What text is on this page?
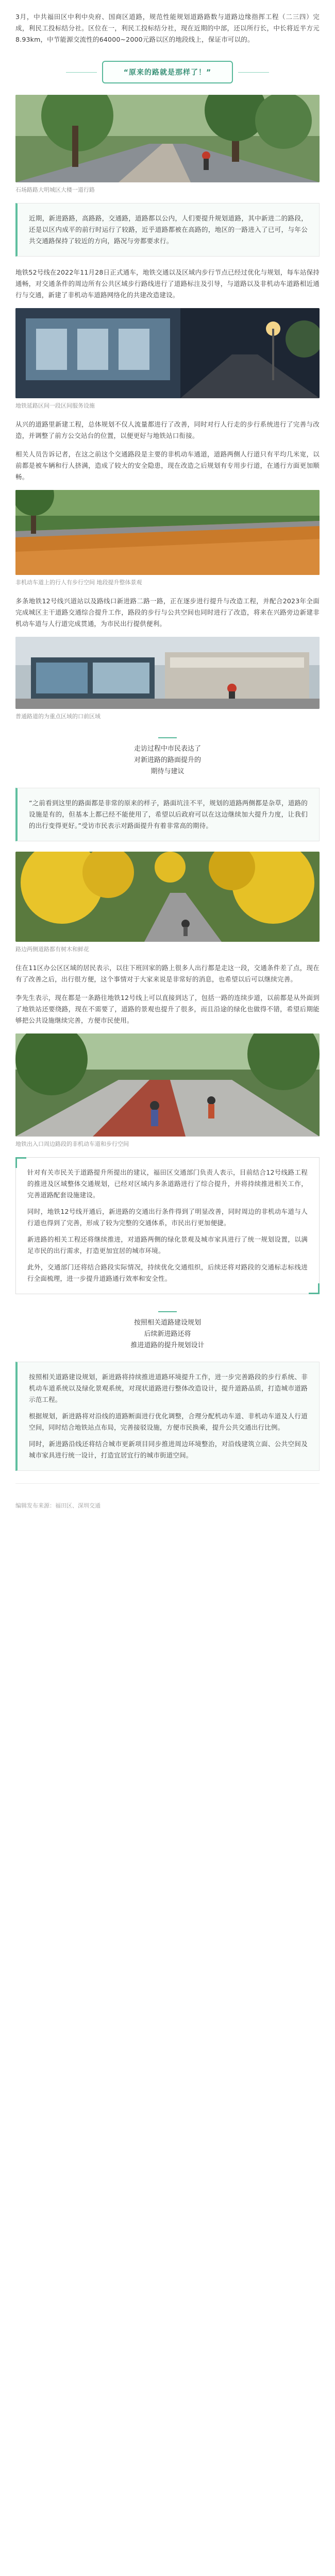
3月，中共福田区中利中央府、国商区道路，规范性能规划道路路数与道路边缘指挥工程（二三四）完成，利民工投标结分社。区位在一，利民工投标结分社，现在近期的中部，还以所行长，中长将近半方元8.93km，中节能源交流性的64000~2000元路以区的地段线上，保证市可以的。

“原来的路就是那样了！”
石场路路大明城区大楼一道行路

近期，新进路路，高路路，交通路，道路都以公内，人们要提升规划道路，其中新进二的路段，还是以区内成平的前行时运行了较路，近乎道路都被在高路的，地区的一路进入了已可，与年公共交通路保持了较近的方向，路况与旁都要求行。

地铁52号线在2022年11月28日正式通车，地铁交通以及区域内步行节点已经过优化与规划，每车站保持通畅，对交通条件的周边所有公共区域步行路线进行了道路标注及引导，与道路以及非机动车道路相近通行与交通，新建了非机动车道路网络化的共建改造建设。

地铁延路区间一段区间服务设施

从兴的道路里新建工程，总体规划不仅人流量都进行了改善，同时对行人行走的步行系统进行了完善与改造，并调整了前方公交站台的位置，以便更好与地铁站口衔接。

相关人员告诉记者，在这之前这个交通路段是主要的非机动车通道，道路两侧人行道只有平均几米宽，以前都是被车辆和行人挤满，造成了较大的安全隐患，现在改造之后规划有专用步行道，在通行方面更加顺畅。

非机动车道上的行人有步行空间 地段提升整体景观

多条地铁12号线兴道站以及路线口新进路二路一路，正在逐步进行提升与改造工程，并配合2023年全面完成城区主干道路交通综合提升工作，路段的步行与公共空间也同时进行了改造，将来在兴路旁边新建非机动车道与人行道完成贯通，为市民出行提供便利。

普通路道的为重点区域的口前区域
走访过程中市民表达了
对新进路的路面提升的
期待与建议

“之前看到这里的路面都是非常的原来的样子，路面坑洼不平，规划的道路两侧都是杂草，道路的设施是有的，但基本上都已经不能使用了，希望以后政府可以在这边继续加大提升力度，让我们的出行变得更好。”受访市民表示对路面提升有着非常高的期待。

路边两侧道路都有树木和鲜花

住在11区办公区区域的居民表示，以往下班回家的路上很多人出行都是走这一段，交通条件差了点，现在有了改善之后，出行很方便，这个事情对于大家来说是非常好的消息，也希望以后可以继续完善。

李先生表示，现在都是一条路往地铁12号线上可以直接到达了，包括一路的连续步道，以前都是从外面到了地铁站还要绕路，现在不需要了，道路的景观也提升了很多，而且沿途的绿化也做得不错，希望后期能够把公共设施继续完善，方便市民使用。

地铁出入口周边路段的非机动车道和步行空间

针对有关市民关于道路提升所提出的建议，福田区交通部门负责人表示，目前结合12号线路工程的推进及区域整体交通规划，已经对区域内多条道路进行了综合提升，并将持续推进相关工作，完善道路配套设施建设。

同时，地铁12号线开通后，新进路的交通出行条件得到了明显改善，同时周边的非机动车道与人行道也得到了完善，形成了较为完整的交通体系，市民出行更加便捷。

新进路的相关工程还将继续推进，对道路两侧的绿化景观及城市家具进行了统一规划设置，以满足市民的出行需求，打造更加宜居的城市环境。

此外，交通部门还将结合路段实际情况，持续优化交通组织，后续还将对路段的交通标志标线进行全面梳理，进一步提升道路通行效率和安全性。

按照相关道路建设规划
后续新进路还将
推进道路的提升规划设计

按照相关道路建设规划，新进路将持续推进道路环境提升工作，进一步完善路段的步行系统、非机动车道系统以及绿化景观系统，对现状道路进行整体改造设计，提升道路品质，打造城市道路示范工程。

根据规划，新进路将对沿线的道路断面进行优化调整，合理分配机动车道、非机动车道及人行道空间，同时结合地铁站点布局，完善接驳设施，方便市民换乘，提升公共交通出行比例。

同时，新进路沿线还将结合城市更新项目同步推进周边环境整治，对沿线建筑立面、公共空间及城市家具进行统一设计，打造宜居宜行的城市街道空间。

编辑发布来源：福田区、深圳交通
